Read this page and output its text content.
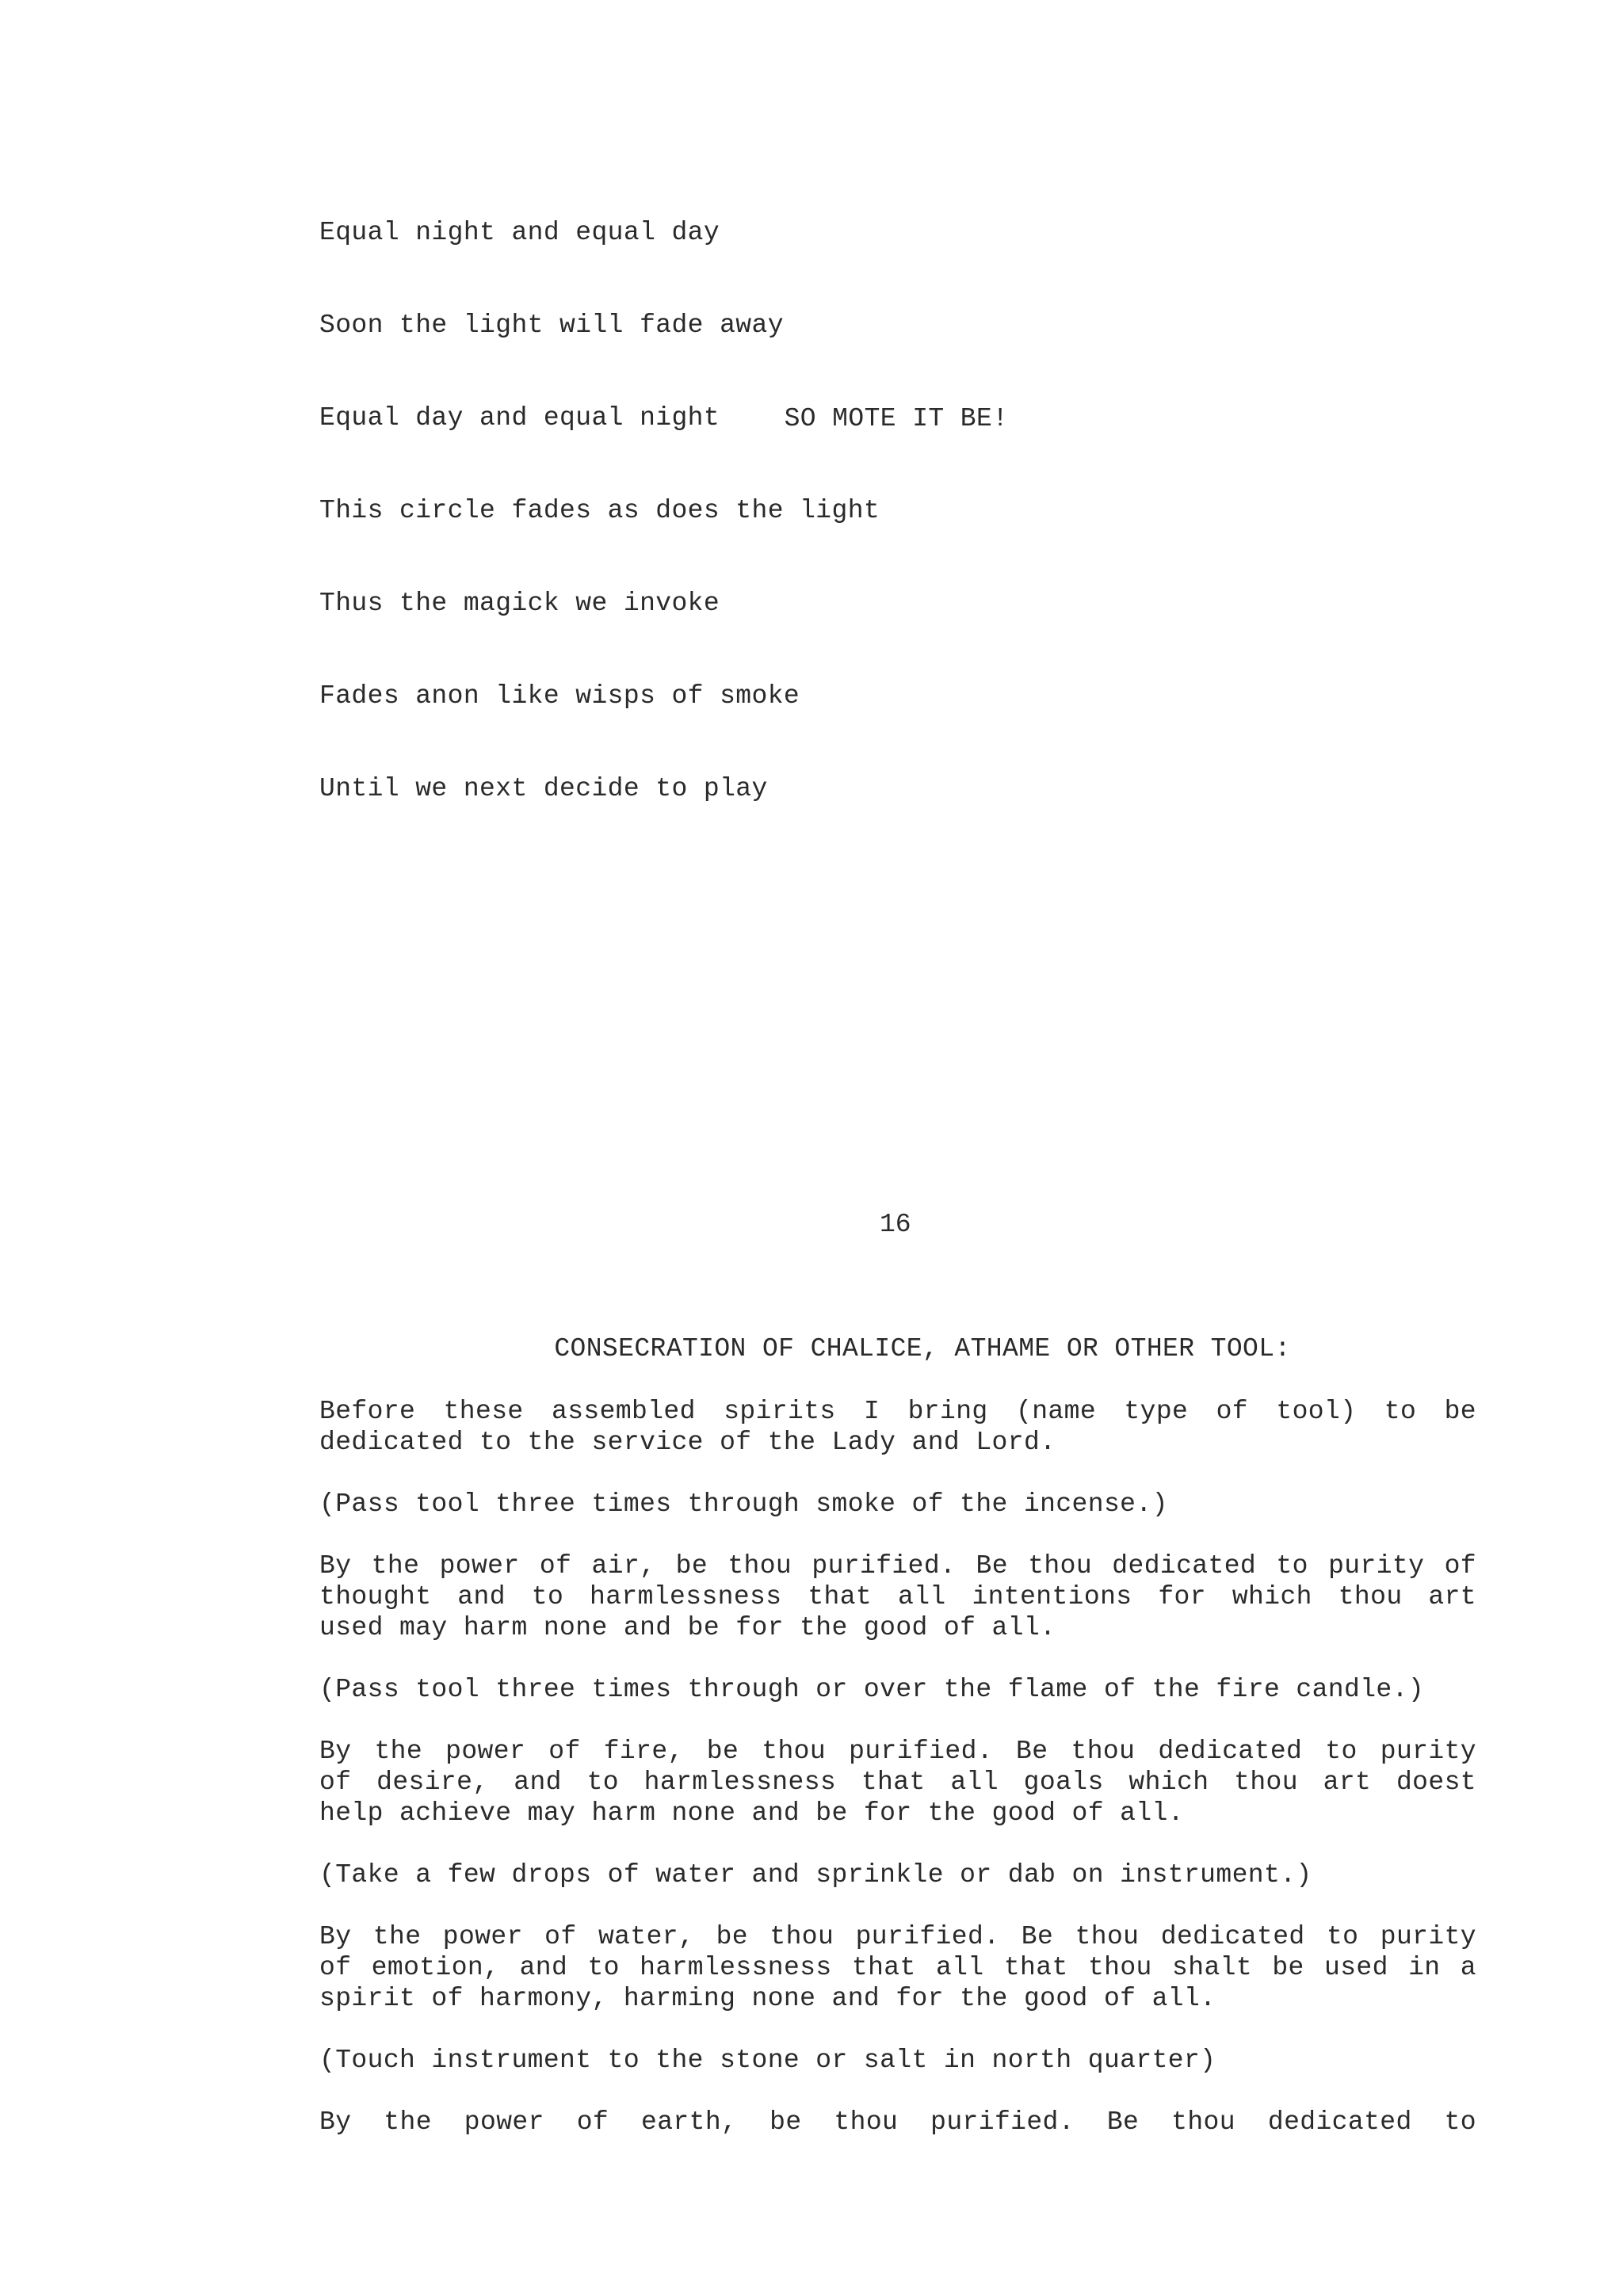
Equal night and equal day

Soon the light will fade away

Equal day and equal night

This circle fades as does the light

Thus the magick we invoke

Fades anon like wisps of smoke

Until we next decide to play

SO MOTE IT BE!
16
CONSECRATION OF CHALICE, ATHAME OR OTHER TOOL:
Before these assembled spirits I bring (name type of tool) to be
dedicated to the service of the Lady and Lord.
(Pass tool three times through smoke of the incense.)
By the power of air, be thou purified. Be thou dedicated to purity of
thought and to harmlessness that all intentions for which thou art
used may harm none and be for the good of all.
(Pass tool three times through or over the flame of the fire candle.)
By the power of fire, be thou purified. Be thou dedicated to purity
of desire, and to harmlessness that all goals which thou art doest
help achieve may harm none and be for the good of all.
(Take a few drops of water and sprinkle or dab on instrument.)
By the power of water, be thou purified. Be thou dedicated to purity
of emotion, and to harmlessness that all that thou shalt be used in a
spirit of harmony, harming none and for the good of all.
(Touch instrument to the stone or salt in north quarter)
By the power of earth, be thou purified. Be thou dedicated to
